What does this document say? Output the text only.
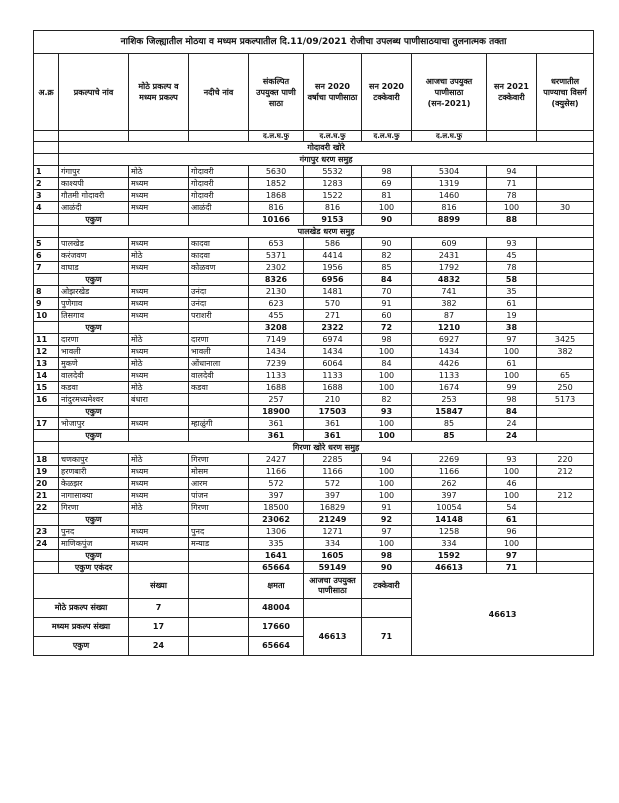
नाशिक जिल्ह्यातील मोठया व मध्यम प्रकल्पातील दि.11/09/2021 रोजीचा उपलब्ध पाणीसाठयाचा तुलनात्मक तक्ता									
अ.क्र	प्रकल्पाचे नांव	मोठे प्रकल्प व मध्यम प्रकल्प	नदीचे नांव	संकल्पित उपयुक्त पाणी साठा	सन 2020 वर्षाचा पाणीसाठा	सन 2020 टक्केवारी	आजचा उपयुक्त पाणीसाठा (सन-2021)	सन 2021 टक्केवारी	धरणातील पाण्याचा विसर्ग (क्युसेस)
				द.ल.घ.फु	द.ल.घ.फु	द.ल.घ.फु	द.ल.घ.फु		
	गोदावरी खोरे								
	गंगापुर धरण समुह								
1	गंगापुर	मोठे	गोदावरी	5630	5532	98	5304	94	
2	काश्यपी	मध्यम	गोदावरी	1852	1283	69	1319	71	
3	गौतमी गोदावरी	मध्यम	गोदावरी	1868	1522	81	1460	78	
4	आळंदी	मध्यम	आळंदी	816	816	100	816	100	30
	एकुण			10166	9153	90	8899	88	
	पालखेड धरण समुह								
5	पालखेड	मध्यम	कादवा	653	586	90	609	93	
6	करंजवण	मोठे	कादवा	5371	4414	82	2431	45	
7	वाघाड	मध्यम	कोळवण	2302	1956	85	1792	78	
	एकुण			8326	6956	84	4832	58	
8	ओझरखेड	मध्यम	उनंदा	2130	1481	70	741	35	
9	पुणेगाव	मध्यम	उनंदा	623	570	91	382	61	
10	तिसगाव	मध्यम	पराशरी	455	271	60	87	19	
	एकुण			3208	2322	72	1210	38	
11	दारणा	मोठे	दारणा	7149	6974	98	6927	97	3425
12	भावली	मध्यम	भावली	1434	1434	100	1434	100	382
13	मुकणे	मोठे	ओंधानाला	7239	6064	84	4426	61	
14	वालदेवी	मध्यम	वालदेवी	1133	1133	100	1133	100	65
15	कडवा	मोठे	कडवा	1688	1688	100	1674	99	250
16	नांदुरमध्यमेश्वर	बंधारा		257	210	82	253	98	5173
	एकुण			18900	17503	93	15847	84	
17	भोजापुर	मध्यम	म्हाळुंगी	361	361	100	85	24	
	एकुण			361	361	100	85	24	
	गिरणा खोरे धरण समुह								
18	चणकापुर	मोठे	गिरणा	2427	2285	94	2269	93	220
19	हरणबारी	मध्यम	मोसम	1166	1166	100	1166	100	212
20	केळझर	मध्यम	आरम	572	572	100	262	46	
21	नागासाक्या	मध्यम	पांजन	397	397	100	397	100	212
22	गिरणा	मोठे	गिरणा	18500	16829	91	10054	54	
	एकुण			23062	21249	92	14148	61	
23	पुनद	मध्यम	पुनद	1306	1271	97	1258	96	
24	माणिकपुंज	मध्यम	मन्याड	335	334	100	334	100	
	एकुण			1641	1605	98	1592	97	
	एकुण एकंदर			65664	59149	90	46613	71	
		संख्या		क्षमता	आजचा उपयुक्त पाणीसाठा	टक्केवारी	46613		
मोठे प्रकल्प संख्या		7		48004					
मध्यम प्रकल्प संख्या		17		17660	46613	71			
एकुण		24		65664					
